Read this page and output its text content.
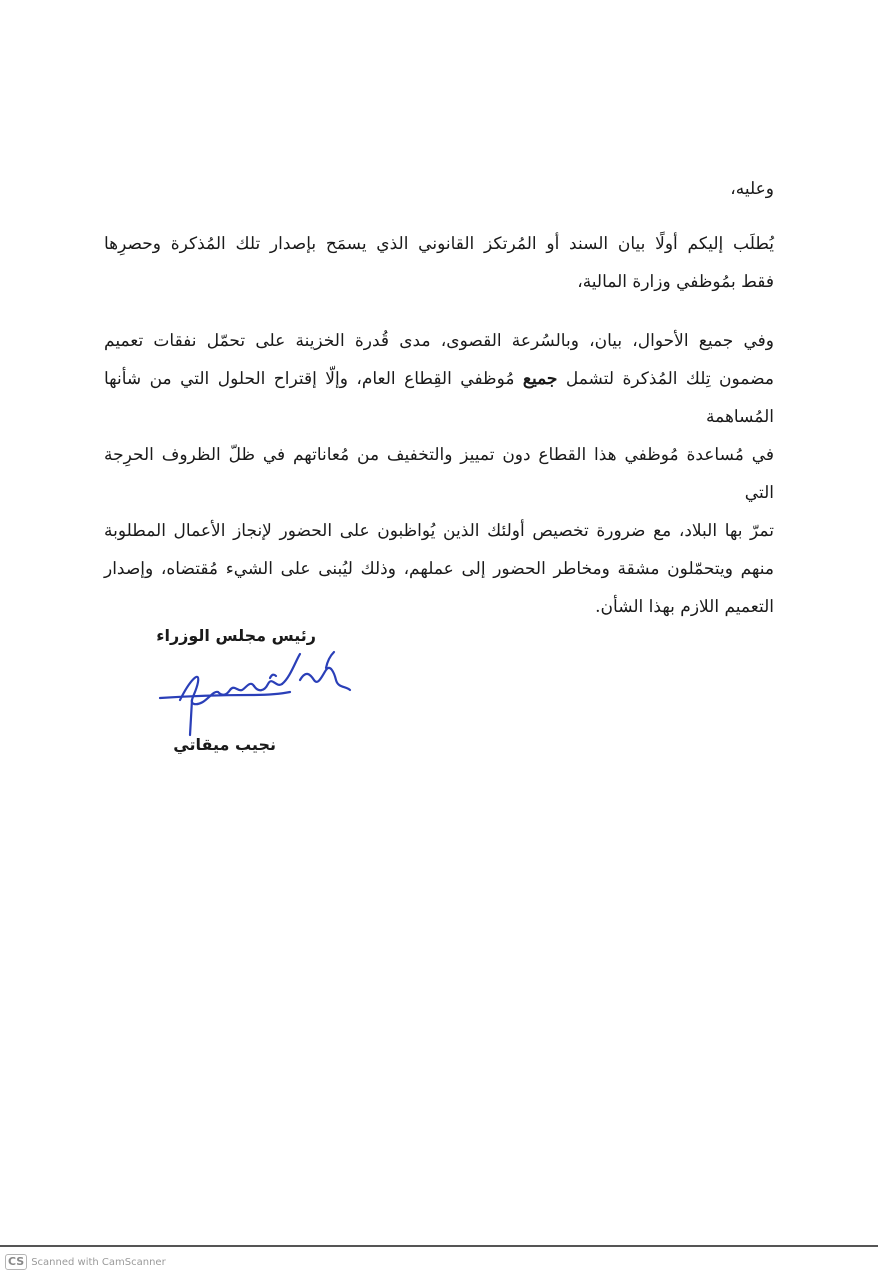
وعليه،
يُطلَب إليكم أولًا بيان السند أو المُرتكز القانوني الذي يسمَح بإصدار تلك المُذكرة وحصرِها
فقط بمُوظفي وزارة المالية،
وفي جميع الأحوال، بيان، وبالسُرعة القصوى، مدى قُدرة الخزينة على تحمّل نفقات تعميم
مضمون تِلك المُذكرة لتشمل جميع مُوظفي القِطاع العام، وإلّا إقتراح الحلول التي من شأنها المُساهمة
في مُساعدة مُوظفي هذا القطاع دون تمييز والتخفيف من مُعاناتهم في ظلّ الظروف الحرِجة التي
تمرّ بها البلاد، مع ضرورة تخصيص أولئك الذين يُواظبون على الحضور لإنجاز الأعمال المطلوبة
منهم ويتحمّلون مشقة ومخاطر الحضور إلى عملهم، وذلك ليُبنى على الشيء مُقتضاه، وإصدار
التعميم اللازم بهذا الشأن.
رئيس مجلس الوزراء
نجيب ميقاتي
CS Scanned with CamScanner
